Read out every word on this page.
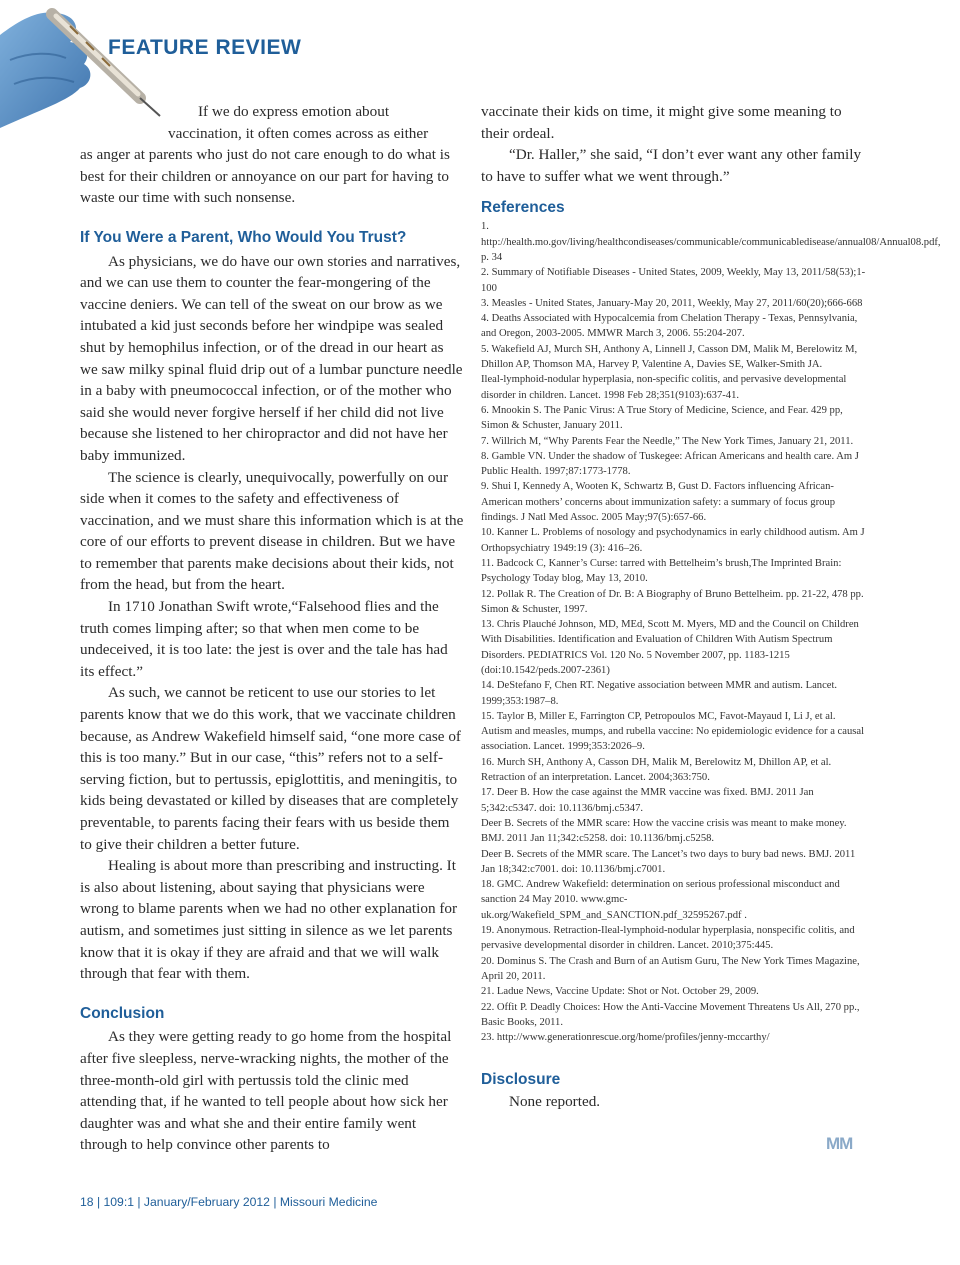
FEATURE REVIEW

If we do express emotion about
vaccination, it often comes across as either
as anger at parents who just do not care enough to do what is best for their children or annoyance on our part for having to waste our time with such nonsense.

If You Were a Parent, Who Would You Trust?

As physicians, we do have our own stories and narratives, and we can use them to counter the fear-mongering of the vaccine deniers. We can tell of the sweat on our brow as we intubated a kid just seconds before her windpipe was sealed shut by hemophilus infection, or of the dread in our heart as we saw milky spinal fluid drip out of a lumbar puncture needle in a baby with pneumococcal infection, or of the mother who said she would never forgive herself if her child did not live because she listened to her chiropractor and did not have her baby immunized.

The science is clearly, unequivocally, powerfully on our side when it comes to the safety and effectiveness of vaccination, and we must share this information which is at the core of our efforts to prevent disease in children. But we have to remember that parents make decisions about their kids, not from the head, but from the heart.

In 1710 Jonathan Swift wrote,“Falsehood flies and the truth comes limping after; so that when men come to be undeceived, it is too late: the jest is over and the tale has had its effect.”

As such, we cannot be reticent to use our stories to let parents know that we do this work, that we vaccinate children because, as Andrew Wakefield himself said, “one more case of this is too many.” But in our case, “this” refers not to a self-serving fiction, but to pertussis, epiglottitis, and meningitis, to kids being devastated or killed by diseases that are completely preventable, to parents facing their fears with us beside them to give their children a better future.

Healing is about more than prescribing and instructing. It is also about listening, about saying that physicians were wrong to blame parents when we had no other explanation for autism, and sometimes just sitting in silence as we let parents know that it is okay if they are afraid and that we will walk through that fear with them.

Conclusion

As they were getting ready to go home from the hospital after five sleepless, nerve-wracking nights, the mother of the three-month-old girl with pertussis told the clinic med attending that, if he wanted to tell people about how sick her daughter was and what she and their entire family went through to help convince other parents to

vaccinate their kids on time, it might give some meaning to their ordeal.

“Dr. Haller,” she said, “I don’t ever want any other family to have to suffer what we went through.”

References

1. http://health.mo.gov/living/healthcondiseases/communicable/communicabledisease/annual08/Annual08.pdf, p. 34

2. Summary of Notifiable Diseases - United States, 2009, Weekly, May 13, 2011/58(53);1-100

3. Measles - United States, January-May 20, 2011, Weekly, May 27, 2011/60(20);666-668

4. Deaths Associated with Hypocalcemia from Chelation Therapy - Texas, Pennsylvania, and Oregon, 2003-2005. MMWR March 3, 2006. 55:204-207.

5. Wakefield AJ, Murch SH, Anthony A, Linnell J, Casson DM, Malik M, Berelowitz M, Dhillon AP, Thomson MA, Harvey P, Valentine A, Davies SE, Walker-Smith JA.

Ileal-lymphoid-nodular hyperplasia, non-specific colitis, and pervasive developmental disorder in children. Lancet. 1998 Feb 28;351(9103):637-41.

6. Mnookin S. The Panic Virus: A True Story of Medicine, Science, and Fear. 429 pp, Simon & Schuster, January 2011.

7. Willrich M, “Why Parents Fear the Needle,” The New York Times, January 21, 2011.

8. Gamble VN. Under the shadow of Tuskegee: African Americans and health care. Am J Public Health. 1997;87:1773-1778.

9. Shui I, Kennedy A, Wooten K, Schwartz B, Gust D. Factors influencing African-American mothers’ concerns about immunization safety: a summary of focus group findings. J Natl Med Assoc. 2005 May;97(5):657-66.

10. Kanner L. Problems of nosology and psychodynamics in early childhood autism. Am J Orthopsychiatry 1949:19 (3): 416–26.

11. Badcock C, Kanner’s Curse: tarred with Bettelheim’s brush,The Imprinted Brain: Psychology Today blog, May 13, 2010.

12. Pollak R. The Creation of Dr. B: A Biography of Bruno Bettelheim. pp. 21-22, 478 pp. Simon & Schuster, 1997.

13. Chris Plauché Johnson, MD, MEd, Scott M. Myers, MD and the Council on Children With Disabilities. Identification and Evaluation of Children With Autism Spectrum Disorders. PEDIATRICS Vol. 120 No. 5 November 2007, pp. 1183-1215 (doi:10.1542/peds.2007-2361)

14. DeStefano F, Chen RT. Negative association between MMR and autism. Lancet. 1999;353:1987–8.

15. Taylor B, Miller E, Farrington CP, Petropoulos MC, Favot-Mayaud I, Li J, et al. Autism and measles, mumps, and rubella vaccine: No epidemiologic evidence for a causal association. Lancet. 1999;353:2026–9.

16. Murch SH, Anthony A, Casson DH, Malik M, Berelowitz M, Dhillon AP, et al. Retraction of an interpretation. Lancet. 2004;363:750.

17. Deer B. How the case against the MMR vaccine was fixed. BMJ. 2011 Jan 5;342:c5347. doi: 10.1136/bmj.c5347.

Deer B. Secrets of the MMR scare: How the vaccine crisis was meant to make money. BMJ. 2011 Jan 11;342:c5258. doi: 10.1136/bmj.c5258.

Deer B. Secrets of the MMR scare. The Lancet’s two days to bury bad news. BMJ. 2011 Jan 18;342:c7001. doi: 10.1136/bmj.c7001.

18. GMC. Andrew Wakefield: determination on serious professional misconduct and sanction 24 May 2010. www.gmc-uk.org/Wakefield_SPM_and_SANCTION.pdf_32595267.pdf .

19. Anonymous. Retraction-Ileal-lymphoid-nodular hyperplasia, nonspecific colitis, and pervasive developmental disorder in children. Lancet. 2010;375:445.

20. Dominus S. The Crash and Burn of an Autism Guru, The New York Times Magazine, April 20, 2011.

21. Ladue News, Vaccine Update: Shot or Not. October 29, 2009.

22. Offit P. Deadly Choices: How the Anti-Vaccine Movement Threatens Us All, 270 pp., Basic Books, 2011.

23. http://www.generationrescue.org/home/profiles/jenny-mccarthy/

Disclosure

None reported.

MM
18 | 109:1 | January/February 2012 | Missouri Medicine
